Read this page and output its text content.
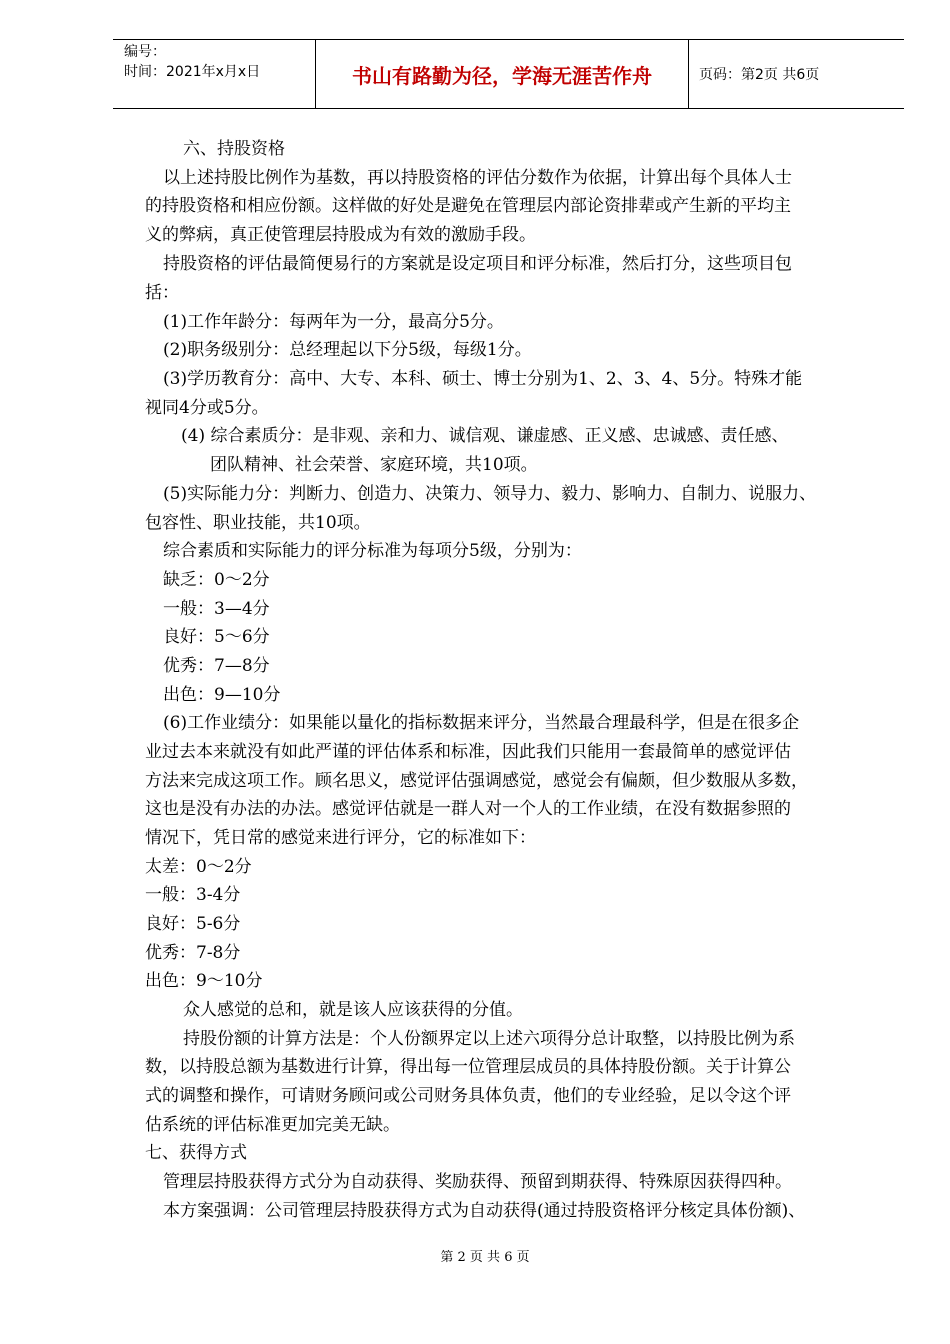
编号：
时间：2021年x月x日	书山有路勤为径，学海无涯苦作舟	页码：第2页 共6页
六、持股资格
以上述持股比例作为基数，再以持股资格的评估分数作为依据，计算出每个具体人士
的持股资格和相应份额。这样做的好处是避免在管理层内部论资排辈或产生新的平均主
义的弊病，真正使管理层持股成为有效的激励手段。
持股资格的评估最简便易行的方案就是设定项目和评分标准，然后打分，这些项目包
括：
(1)工作年龄分：每两年为一分，最高分5分。
(2)职务级别分：总经理起以下分5级，每级1分。
(3)学历教育分：高中、大专、本科、硕士、博士分别为1、2、3、4、5分。特殊才能
视同4分或5分。
(4) 综合素质分：是非观、亲和力、诚信观、谦虚感、正义感、忠诚感、责任感、
团队精神、社会荣誉、家庭环境，共10项。
(5)实际能力分：判断力、创造力、决策力、领导力、毅力、影响力、自制力、说服力、
包容性、职业技能，共10项。
综合素质和实际能力的评分标准为每项分5级，分别为：
缺乏：0～2分
一般：3—4分
良好：5～6分
优秀：7—8分
出色：9—10分
(6)工作业绩分：如果能以量化的指标数据来评分，当然最合理最科学，但是在很多企
业过去本来就没有如此严谨的评估体系和标准，因此我们只能用一套最简单的感觉评估
方法来完成这项工作。顾名思义，感觉评估强调感觉，感觉会有偏颇，但少数服从多数，
这也是没有办法的办法。感觉评估就是一群人对一个人的工作业绩，在没有数据参照的
情况下，凭日常的感觉来进行评分，它的标准如下：
太差：0～2分
一般：3-4分
良好：5-6分
优秀：7-8分
出色：9～10分
众人感觉的总和，就是该人应该获得的分值。
持股份额的计算方法是：个人份额界定以上述六项得分总计取整，以持股比例为系
数，以持股总额为基数进行计算，得出每一位管理层成员的具体持股份额。关于计算公
式的调整和操作，可请财务顾问或公司财务具体负责，他们的专业经验，足以令这个评
估系统的评估标准更加完美无缺。
七、获得方式
管理层持股获得方式分为自动获得、奖励获得、预留到期获得、特殊原因获得四种。
本方案强调：公司管理层持股获得方式为自动获得(通过持股资格评分核定具体份额)、
第 2 页 共 6 页
